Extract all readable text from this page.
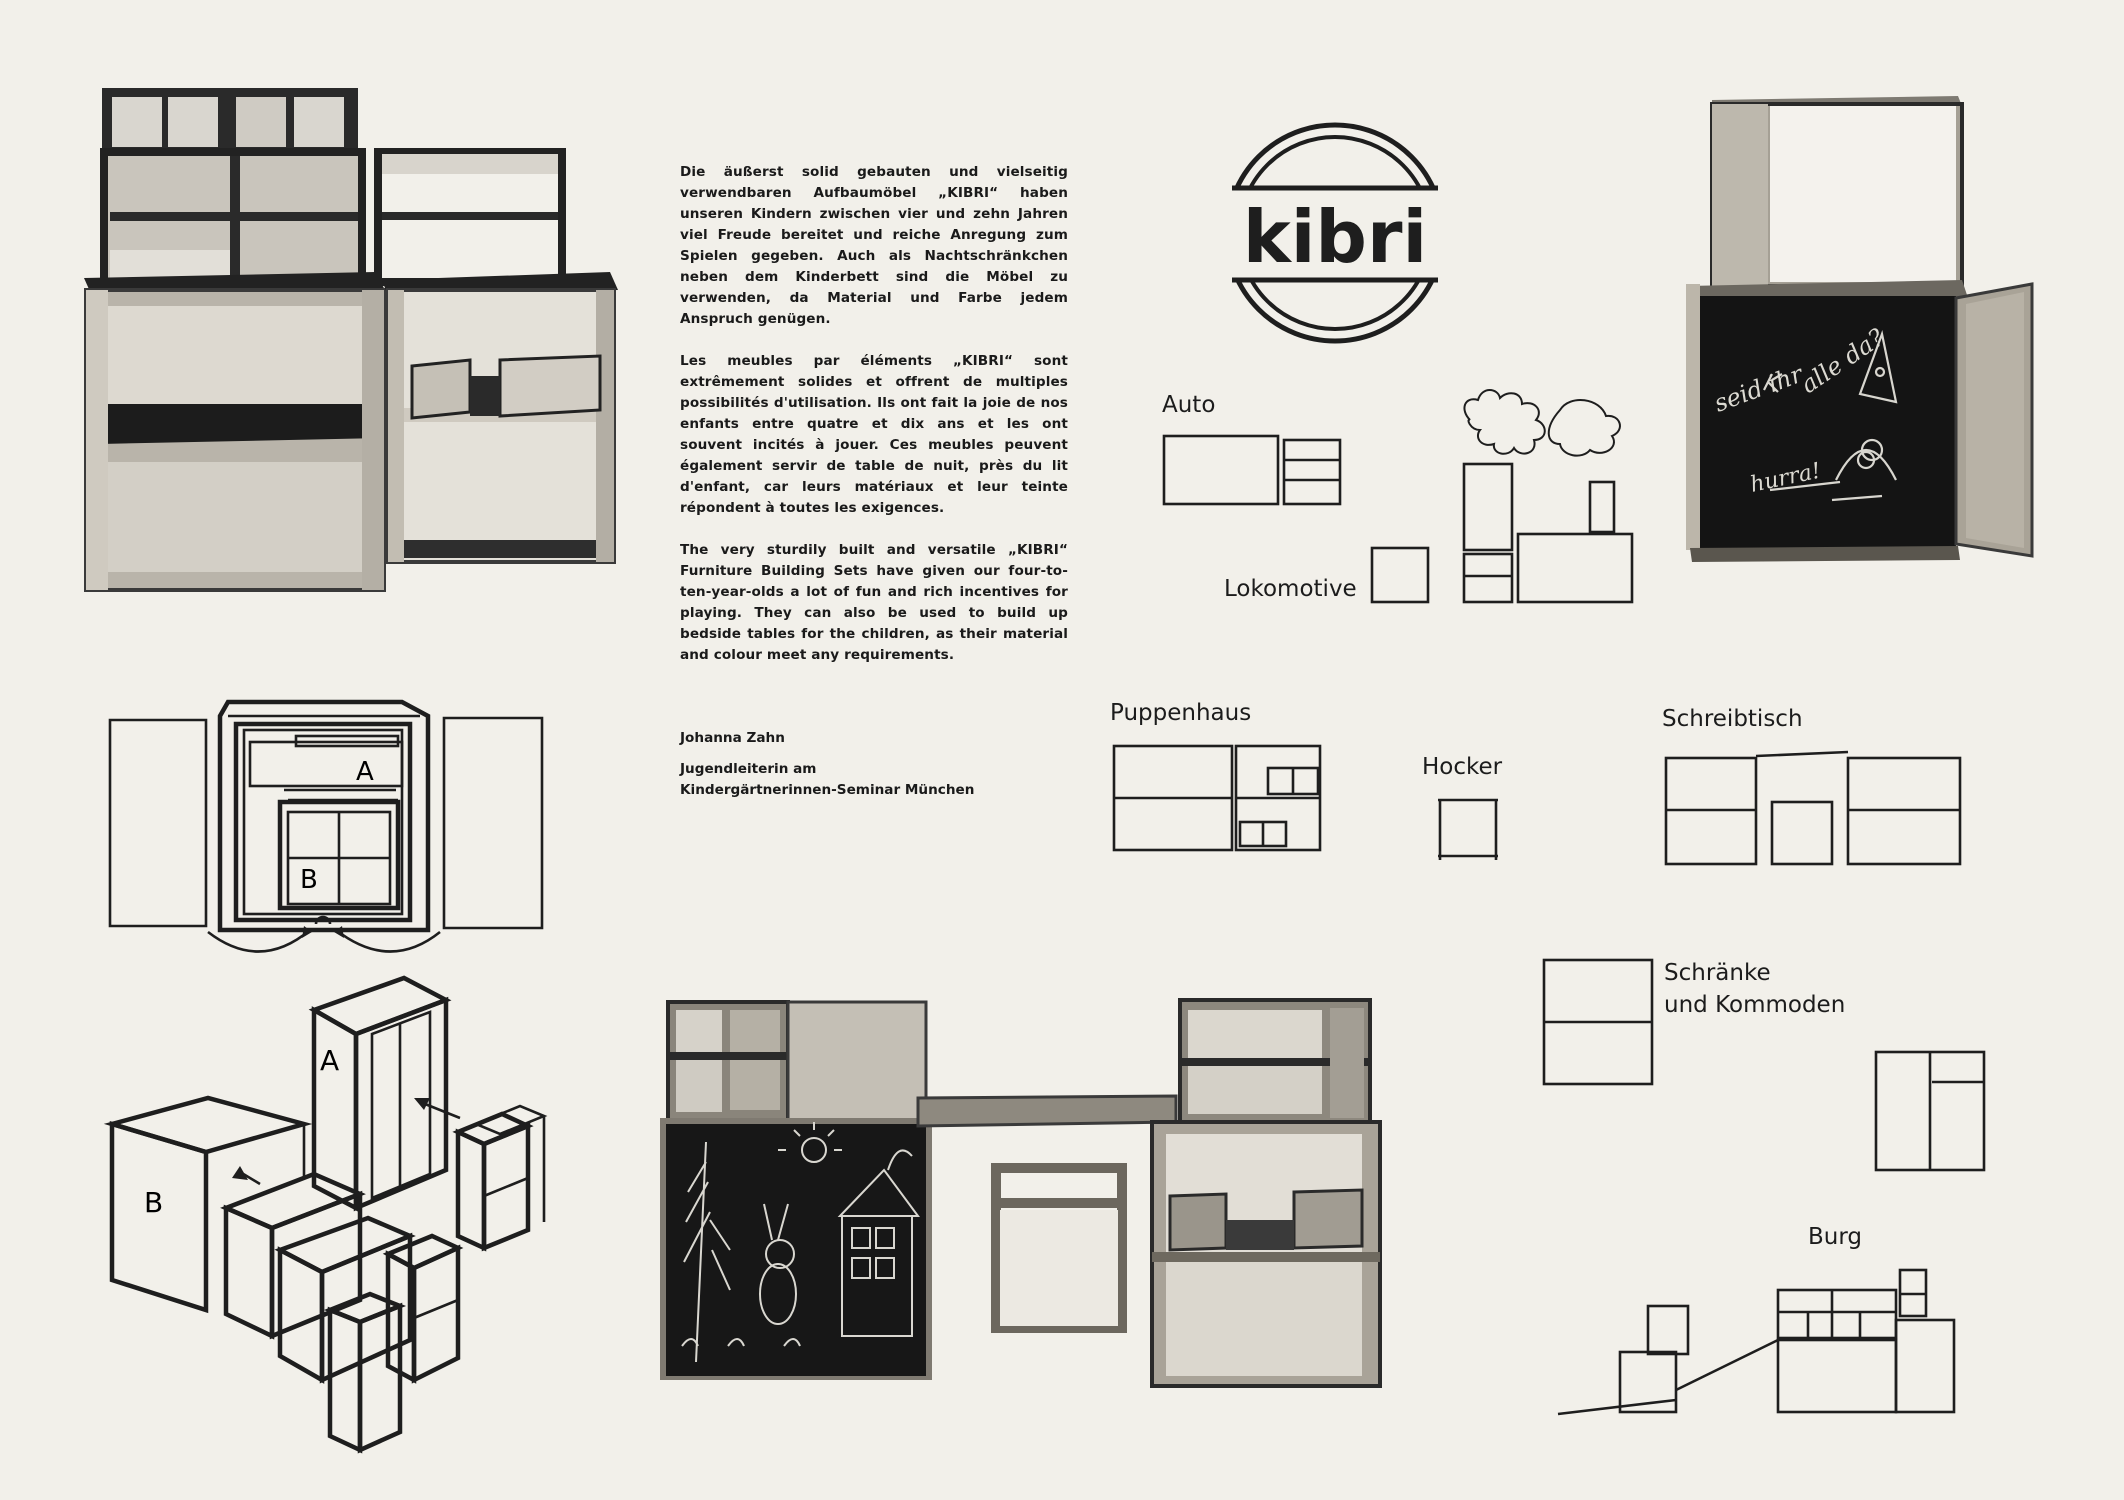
A
B
A
B

Die äußerst solid gebauten und vielseitig verwendbaren Aufbaumöbel „KIBRI“ haben unseren Kindern zwischen vier und zehn Jahren viel Freude bereitet und reiche Anregung zum Spielen gegeben. Auch als Nachtschränkchen neben dem Kinderbett sind die Möbel zu verwenden, da Material und Farbe jedem Anspruch genügen.

Les meubles par éléments „KIBRI“ sont extrêmement solides et offrent de multiples possibilités d'utilisation. Ils ont fait la joie de nos enfants entre quatre et dix ans et les ont souvent incités à jouer. Ces meubles peuvent également servir de table de nuit, près du lit d'enfant, car leurs matériaux et leur teinte répondent à toutes les exigences.

The very sturdily built and versatile „KIBRI“ Furniture Building Sets have given our four-to-ten-year-olds a lot of fun and rich incentives for playing. They can also be used to build up bedside tables for the children, as their material and colour meet any requirements.

Johanna Zahn
Jugendleiterin am
Kindergärtnerinnen-Seminar München
kibri
seid ihr
alle da?
hurra!
Auto
Lokomotive
Puppenhaus
Hocker
Schreibtisch
Schränke
und Kommoden
Burg
